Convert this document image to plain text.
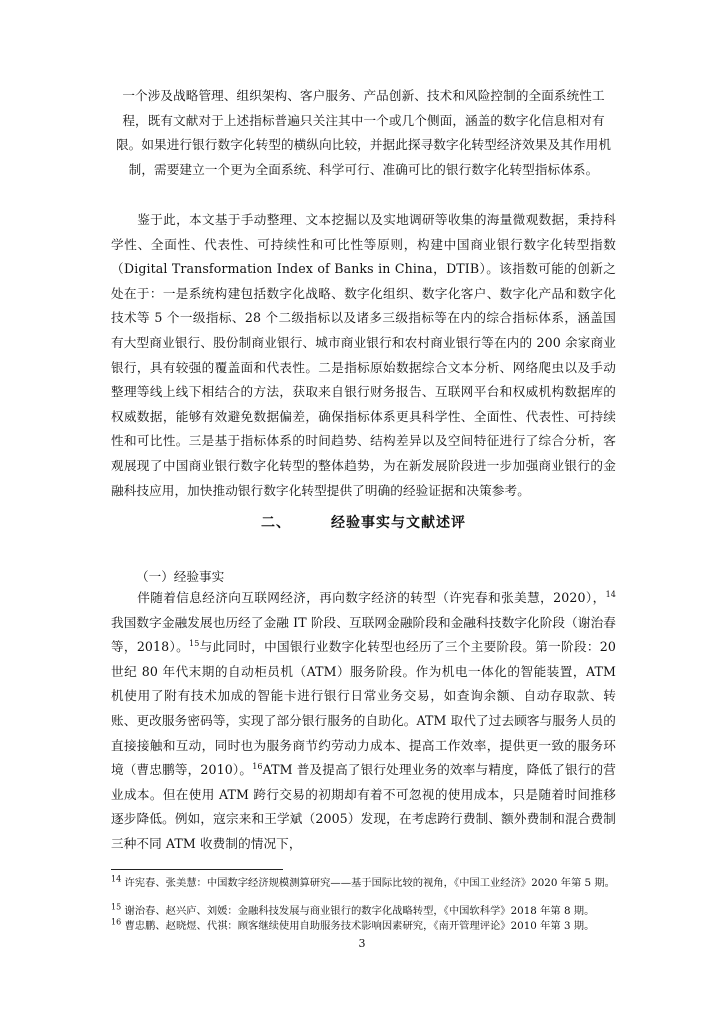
一个涉及战略管理、组织架构、客户服务、产品创新、技术和风险控制的全面系统性工
程，既有文献对于上述指标普遍只关注其中一个或几个侧面，涵盖的数字化信息相对有
限。如果进行银行数字化转型的横纵向比较，并据此探寻数字化转型经济效果及其作用机
制，需要建立一个更为全面系统、科学可行、准确可比的银行数字化转型指标体系。
鉴于此，本文基于手动整理、文本挖掘以及实地调研等收集的海量微观数据，秉持科学性、全面性、代表性、可持续性和可比性等原则，构建中国商业银行数字化转型指数（Digital Transformation Index of Banks in China，DTIB）。该指数可能的创新之处在于：一是系统构建包括数字化战略、数字化组织、数字化客户、数字化产品和数字化技术等 5 个一级指标、28 个二级指标以及诸多三级指标等在内的综合指标体系，涵盖国有大型商业银行、股份制商业银行、城市商业银行和农村商业银行等在内的 200 余家商业银行，具有较强的覆盖面和代表性。二是指标原始数据综合文本分析、网络爬虫以及手动整理等线上线下相结合的方法，获取来自银行财务报告、互联网平台和权威机构数据库的权威数据，能够有效避免数据偏差，确保指标体系更具科学性、全面性、代表性、可持续性和可比性。三是基于指标体系的时间趋势、结构差异以及空间特征进行了综合分析，客观展现了中国商业银行数字化转型的整体趋势，为在新发展阶段进一步加强商业银行的金融科技应用，加快推动银行数字化转型提供了明确的经验证据和决策参考。
二、	经验事实与文献述评
（一）经验事实
伴随着信息经济向互联网经济，再向数字经济的转型（许宪春和张美慧，2020），$^{14}$我国数字金融发展也历经了金融 IT 阶段、互联网金融阶段和金融科技数字化阶段（谢治春等，2018）。$^{15}$与此同时，中国银行业数字化转型也经历了三个主要阶段。第一阶段：20 世纪 80 年代末期的自动柜员机（ATM）服务阶段。作为机电一体化的智能装置，ATM 机使用了附有技术加成的智能卡进行银行日常业务交易，如查询余额、自动存取款、转账、更改服务密码等，实现了部分银行服务的自助化。ATM 取代了过去顾客与服务人员的直接接触和互动，同时也为服务商节约劳动力成本、提高工作效率，提供更一致的服务环境（曹忠鹏等，2010）。$^{16}$ATM 普及提高了银行处理业务的效率与精度，降低了银行的营业成本。但在使用 ATM 跨行交易的初期却有着不可忽视的使用成本，只是随着时间推移逐步降低。例如，寇宗来和王学斌（2005）发现，在考虑跨行费制、额外费制和混合费制三种不同 ATM 收费制的情况下，
$^{14}$ 许宪春、张美慧：中国数字经济规模测算研究——基于国际比较的视角，《中国工业经济》2020 年第 5 期。
$^{15}$ 谢治春、赵兴庐、刘媛：金融科技发展与商业银行的数字化战略转型，《中国软科学》2018 年第 8 期。
$^{16}$ 曹忠鹏、赵晓煜、代祺：顾客继续使用自助服务技术影响因素研究，《南开管理评论》2010 年第 3 期。
3
